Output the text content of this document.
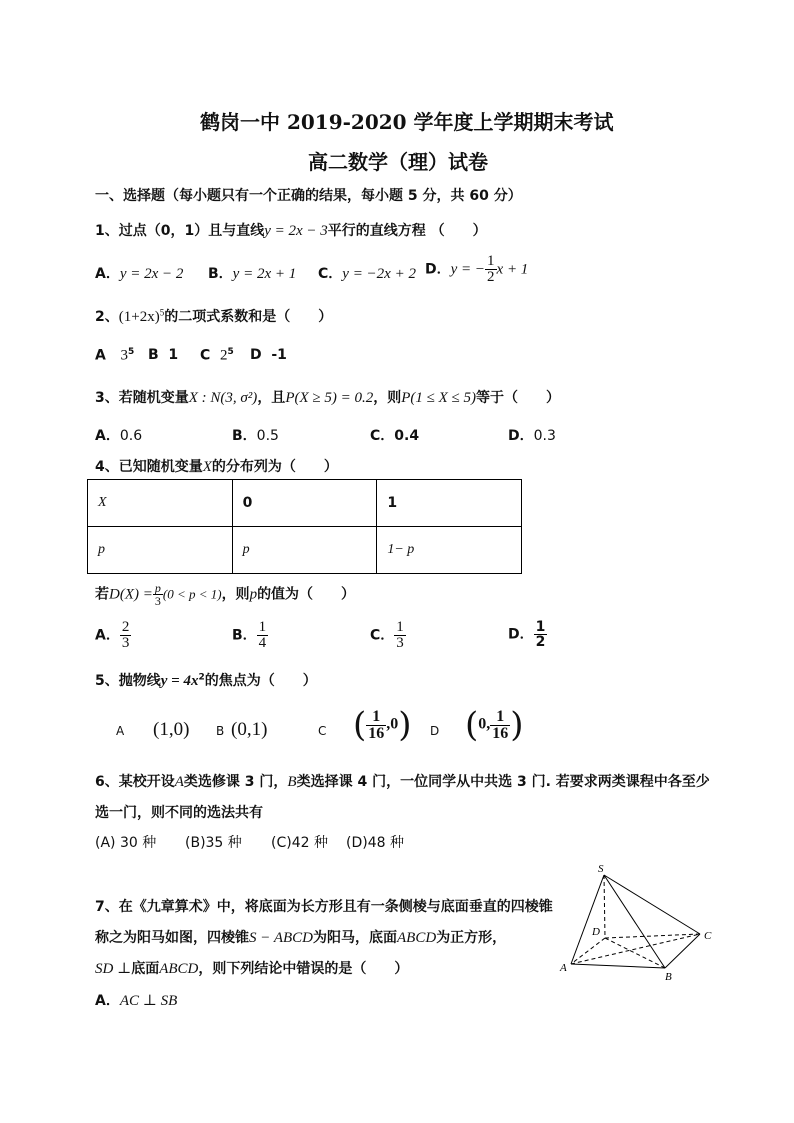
鹤岗一中 2019-2020 学年度上学期期末考试
高二数学（理）试卷
一、选择题（每小题只有一个正确的结果，每小题 5 分，共 60 分）
1、过点（0，1）且与直线y = 2x − 3平行的直线方程 （　　）
A．y = 2x − 2 B．y = 2x + 1 C．y = −2x + 2 D．y = − $\frac{1}{2}$ x + 1
2、$(1+2x)^5$的二项式系数和是（　　）
A $3^5$ B 1 C $2^5$ D -1
3、若随机变量X : N(3, σ²)，且P(X ≥ 5) = 0.2，则P(1 ≤ X ≤ 5)等于（　　）
A．0.6	B．0.5	C．0.4	D．0.3
4、已知随机变量X的分布列为（　　）
X	0	1
p	p	1− p
若$D(X) = \frac{p}{3} (0 < p < 1)$，则p的值为（　　）
A． $\frac{2}{3}$	B． $\frac{1}{4}$	C． $\frac{1}{3}$	D． $\frac{1}{2}$
5、抛物线$y = 4x^2$的焦点为（　　）
A (1,0) B (0,1)	C ( $\frac{1}{16} ,0$) D (0, $\frac{1}{16}$ )
6、某校开设A类选修课 3 门，B类选择课 4 门，一位同学从中共选 3 门. 若要求两类课程中各至少
选一门，则不同的选法共有
(A) 30 种 (B)35 种 (C)42 种 (D)48 种
7、在《九章算术》中，将底面为长方形且有一条侧棱与底面垂直的四棱锥
称之为阳马如图，四棱锥S − ABCD为阳马，底面ABCD为正方形，
SD ⊥底面ABCD，则下列结论中错误的是（　　）
A．AC ⊥ SB
S
D	C
A
B
